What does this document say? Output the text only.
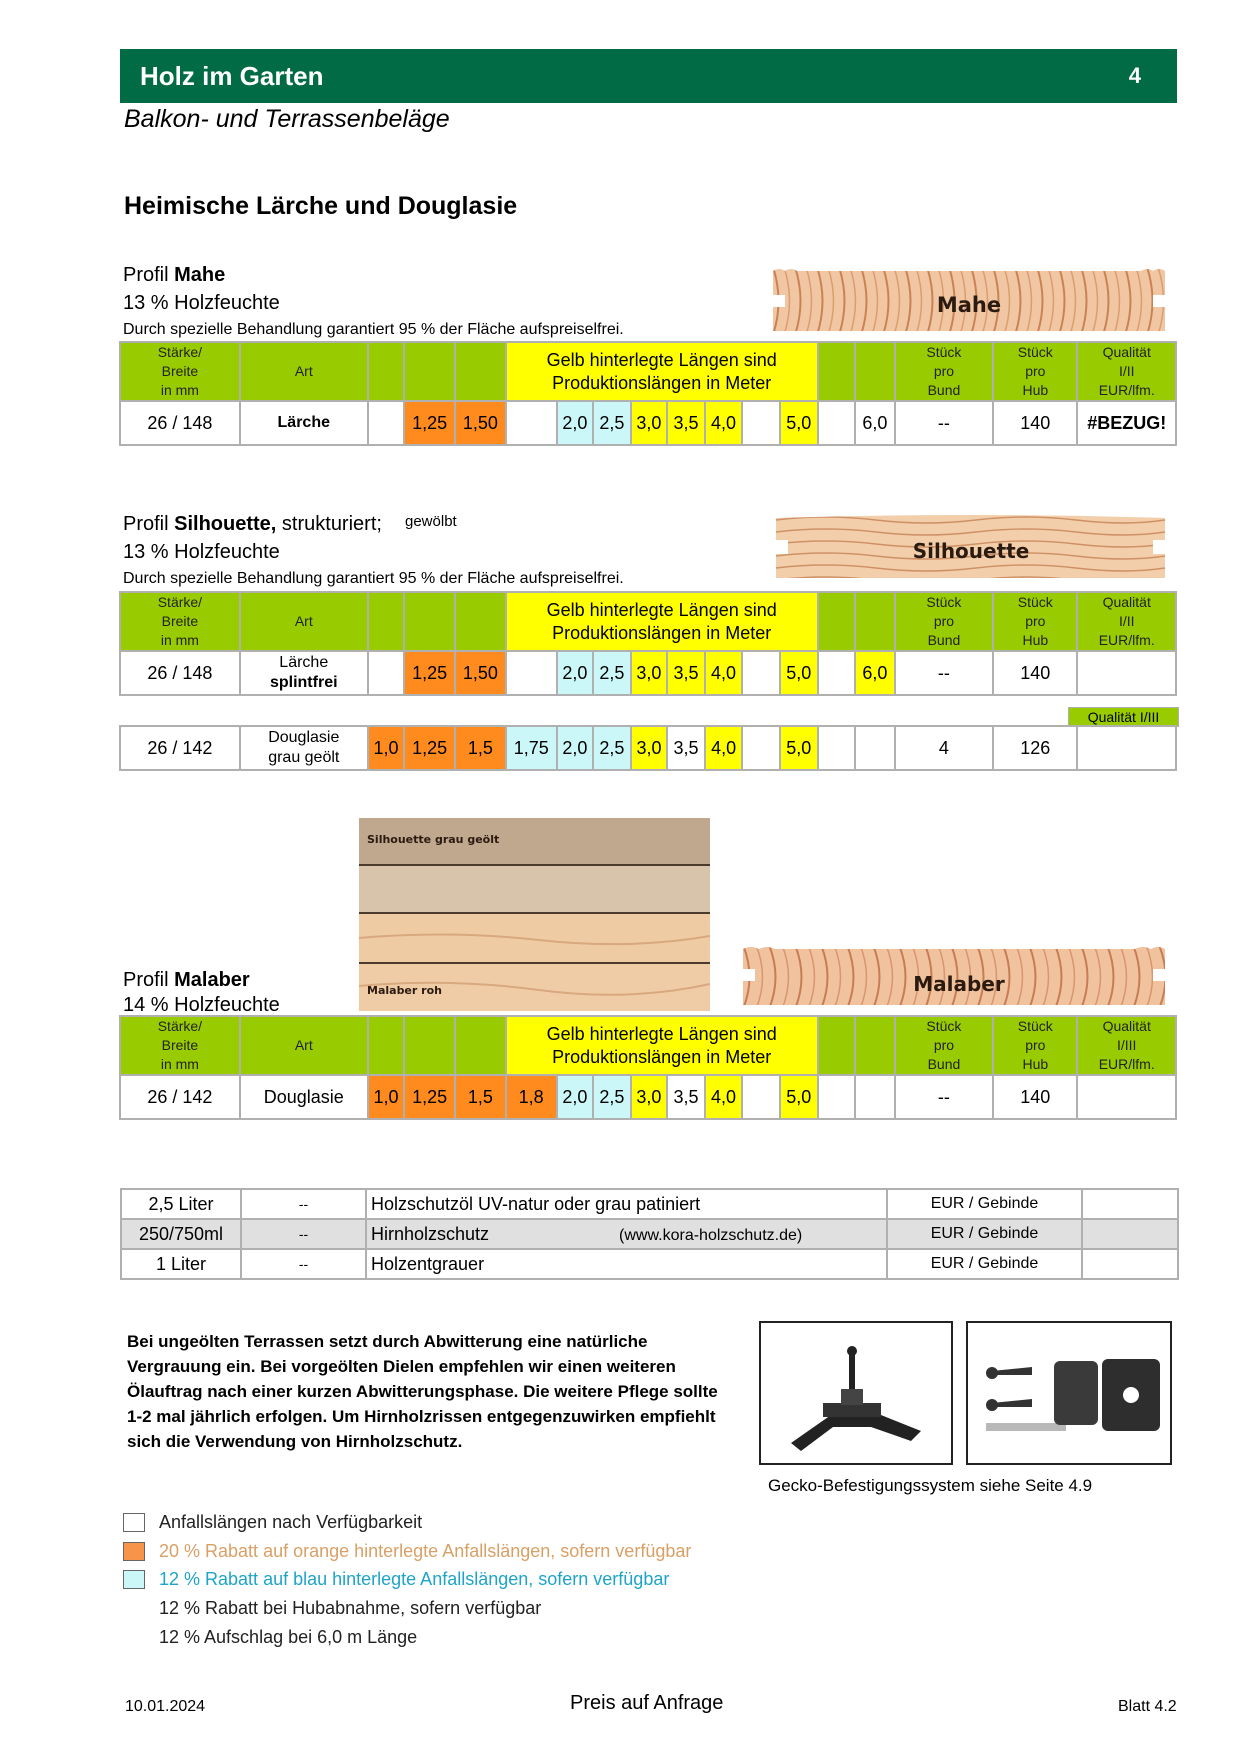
Holz im Garten	4
Balkon- und Terrassenbeläge
Heimische Lärche und Douglasie
Profil Mahe
13 % Holzfeuchte
Durch spezielle Behandlung garantiert 95 % der Fläche aufspreiselfrei.
Mahe
Stärke/
Breite
in mm	Art				Gelb hinterlegte Längen sind Produktionslängen in Meter										Stück
pro
Bund	Stück
pro
Hub	Qualität
I/II
EUR/lfm.
26 / 148	Lärche		1,25	1,50		2,0	2,5	3,0	3,5	4,0		5,0		6,0	--	140	#BEZUG!
Profil Silhouette, strukturiert; gewölbt
13 % Holzfeuchte
Durch spezielle Behandlung garantiert 95 % der Fläche aufspreiselfrei.
Silhouette
Stärke/
Breite
in mm	Art				Gelb hinterlegte Längen sind Produktionslängen in Meter										Stück
pro
Bund	Stück
pro
Hub	Qualität
I/II
EUR/lfm.
26 / 148	Lärche
splintfrei		1,25	1,50		2,0	2,5	3,0	3,5	4,0		5,0		6,0	--	140	
Qualität I/III
26 / 142	Douglasie
grau geölt	1,0	1,25	1,5	1,75	2,0	2,5	3,0	3,5	4,0		5,0			4	126	
Silhouette grau geölt
Malaber roh
Profil Malaber
14 % Holzfeuchte
Malaber
Stärke/
Breite
in mm	Art				Gelb hinterlegte Längen sind Produktionslängen in Meter										Stück
pro
Bund	Stück
pro
Hub	Qualität
I/III
EUR/lfm.
26 / 142	Douglasie	1,0	1,25	1,5	1,8	2,0	2,5	3,0	3,5	4,0		5,0			--	140	
2,5 Liter	--	Holzschutzöl UV-natur oder grau patiniert	EUR / Gebinde	
250/750ml	--	Hirnholzschutz (www.kora-holzschutz.de)	EUR / Gebinde	
1 Liter	--	Holzentgrauer	EUR / Gebinde	
Bei ungeölten Terrassen setzt durch Abwitterung eine natürliche Vergrauung ein. Bei vorgeölten Dielen empfehlen wir einen weiteren Ölauftrag nach einer kurzen Abwitterungsphase. Die weitere Pflege sollte 1-2 mal jährlich erfolgen. Um Hirnholzrissen entgegenzuwirken empfiehlt sich die Verwendung von Hirnholzschutz.
Gecko-Befestigungssystem siehe Seite 4.9
Anfallslängen nach Verfügbarkeit
20 % Rabatt auf orange hinterlegte Anfallslängen, sofern verfügbar
12 % Rabatt auf blau hinterlegte Anfallslängen, sofern verfügbar
12 % Rabatt bei Hubabnahme, sofern verfügbar
12 % Aufschlag bei 6,0 m Länge
10.01.2024	Preis auf Anfrage	Blatt 4.2
